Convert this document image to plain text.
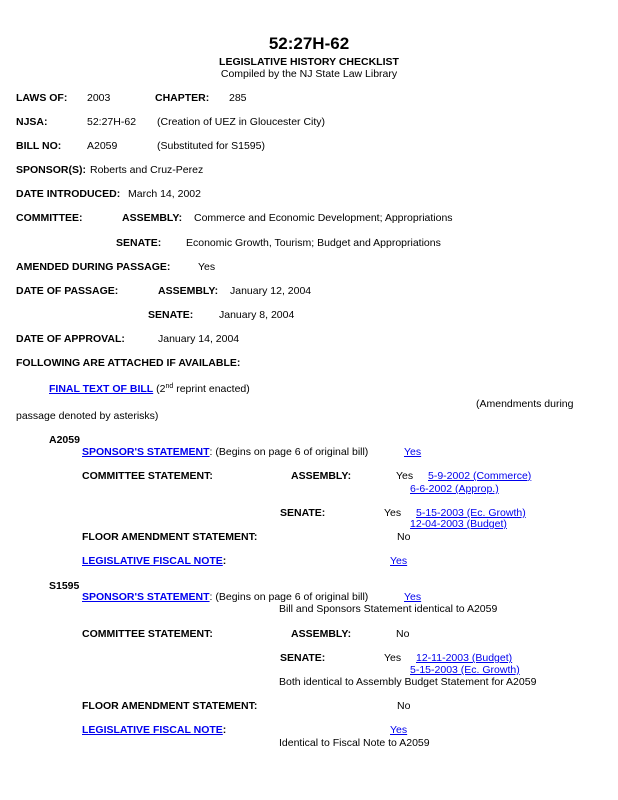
52:27H-62
LEGISLATIVE HISTORY CHECKLIST
Compiled by the NJ State Law Library
LAWS OF: 2003	CHAPTER: 285
NJSA:	52:27H-62 (Creation of UEZ in Gloucester City)
BILL NO: A2059	(Substituted for S1595)
SPONSOR(S): Roberts and Cruz-Perez
DATE INTRODUCED: March 14, 2002
COMMITTEE:	ASSEMBLY: Commerce and Economic Development; Appropriations
SENATE: Economic Growth, Tourism; Budget and Appropriations
AMENDED DURING PASSAGE:	Yes
DATE OF PASSAGE:	ASSEMBLY: January 12, 2004
SENATE: January 8, 2004
DATE OF APPROVAL:	January 14, 2004
FOLLOWING ARE ATTACHED IF AVAILABLE:
FINAL TEXT OF BILL (2nd reprint enacted)
(Amendments during
passage denoted by asterisks)
A2059
SPONSOR'S STATEMENT: (Begins on page 6 of original bill)	Yes
COMMITTEE STATEMENT:	ASSEMBLY:	Yes 5-9-2002 (Commerce)
6-6-2002 (Approp.)
SENATE:	Yes 5-15-2003 (Ec. Growth)
12-04-2003 (Budget)
FLOOR AMENDMENT STATEMENT:	No
LEGISLATIVE FISCAL NOTE:	Yes
S1595
SPONSOR'S STATEMENT: (Begins on page 6 of original bill)	Yes
Bill and Sponsors Statement identical to A2059
COMMITTEE STATEMENT:	ASSEMBLY:	No
SENATE:	Yes 12-11-2003 (Budget)
5-15-2003 (Ec. Growth)
Both identical to Assembly Budget Statement for A2059
FLOOR AMENDMENT STATEMENT:	No
LEGISLATIVE FISCAL NOTE:	Yes
Identical to Fiscal Note to A2059
